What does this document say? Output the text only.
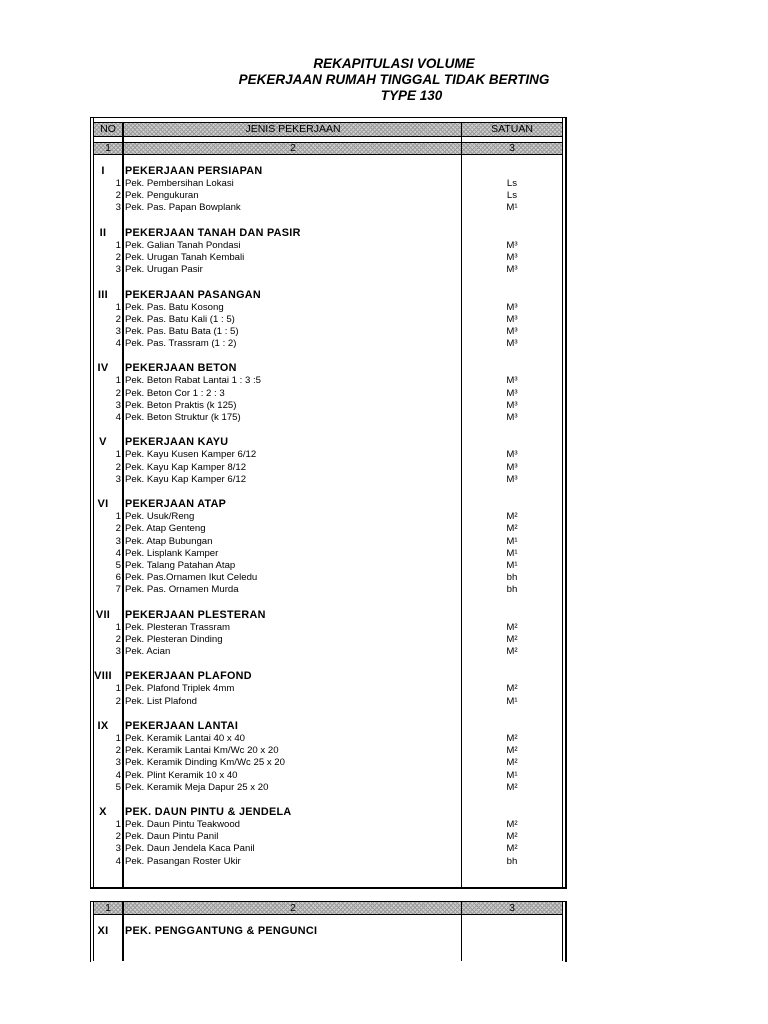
REKAPITULASI VOLUME
PEKERJAAN RUMAH TINGGAL TIDAK BERTING
TYPE 130
NO	JENIS PEKERJAAN	SATUAN
1	2	3
I	PEKERJAAN PERSIAPAN
1 Pek. Pembersihan Lokasi	Ls
2 Pek. Pengukuran	Ls
3 Pek. Pas. Papan Bowplank	M¹
II	PEKERJAAN TANAH DAN PASIR
1 Pek. Galian Tanah Pondasi	M³
2 Pek. Urugan Tanah Kembali	M³
3 Pek. Urugan Pasir	M³
III	PEKERJAAN PASANGAN
1 Pek. Pas. Batu Kosong	M³
2 Pek. Pas. Batu Kali (1 : 5)	M³
3 Pek. Pas. Batu Bata (1 : 5)	M³
4 Pek. Pas. Trassram (1 : 2)	M³
IV	PEKERJAAN BETON
1 Pek. Beton Rabat Lantai 1 : 3 :5	M³
2 Pek. Beton Cor 1 : 2 : 3	M³
3 Pek. Beton Praktis (k 125)	M³
4 Pek. Beton Struktur (k 175)	M³
V	PEKERJAAN KAYU
1 Pek. Kayu Kusen Kamper 6/12	M³
2 Pek. Kayu Kap Kamper 8/12	M³
3 Pek. Kayu Kap Kamper 6/12	M³
VI	PEKERJAAN ATAP
1 Pek. Usuk/Reng	M²
2 Pek. Atap Genteng	M²
3 Pek. Atap Bubungan	M¹
4 Pek. Lisplank Kamper	M¹
5 Pek. Talang Patahan Atap	M¹
6 Pek. Pas.Ornamen Ikut Celedu	bh
7 Pek. Pas. Ornamen Murda	bh
VII	PEKERJAAN PLESTERAN
1 Pek. Plesteran Trassram	M²
2 Pek. Plesteran Dinding	M²
3 Pek. Acian	M²
VIII	PEKERJAAN PLAFOND
1 Pek. Plafond Triplek 4mm	M²
2 Pek. List Plafond	M¹
IX	PEKERJAAN LANTAI
1 Pek. Keramik Lantai 40 x 40	M²
2 Pek. Keramik Lantai Km/Wc 20 x 20	M²
3 Pek. Keramik Dinding Km/Wc 25 x 20	M²
4 Pek. Plint Keramik 10 x 40	M¹
5 Pek. Keramik Meja Dapur 25 x 20	M²
X	PEK. DAUN PINTU & JENDELA
1 Pek. Daun Pintu Teakwood	M²
2 Pek. Daun Pintu Panil	M²
3 Pek. Daun Jendela Kaca Panil	M²
4 Pek. Pasangan Roster Ukir	bh
1	2	3
XI	PEK. PENGGANTUNG & PENGUNCI
